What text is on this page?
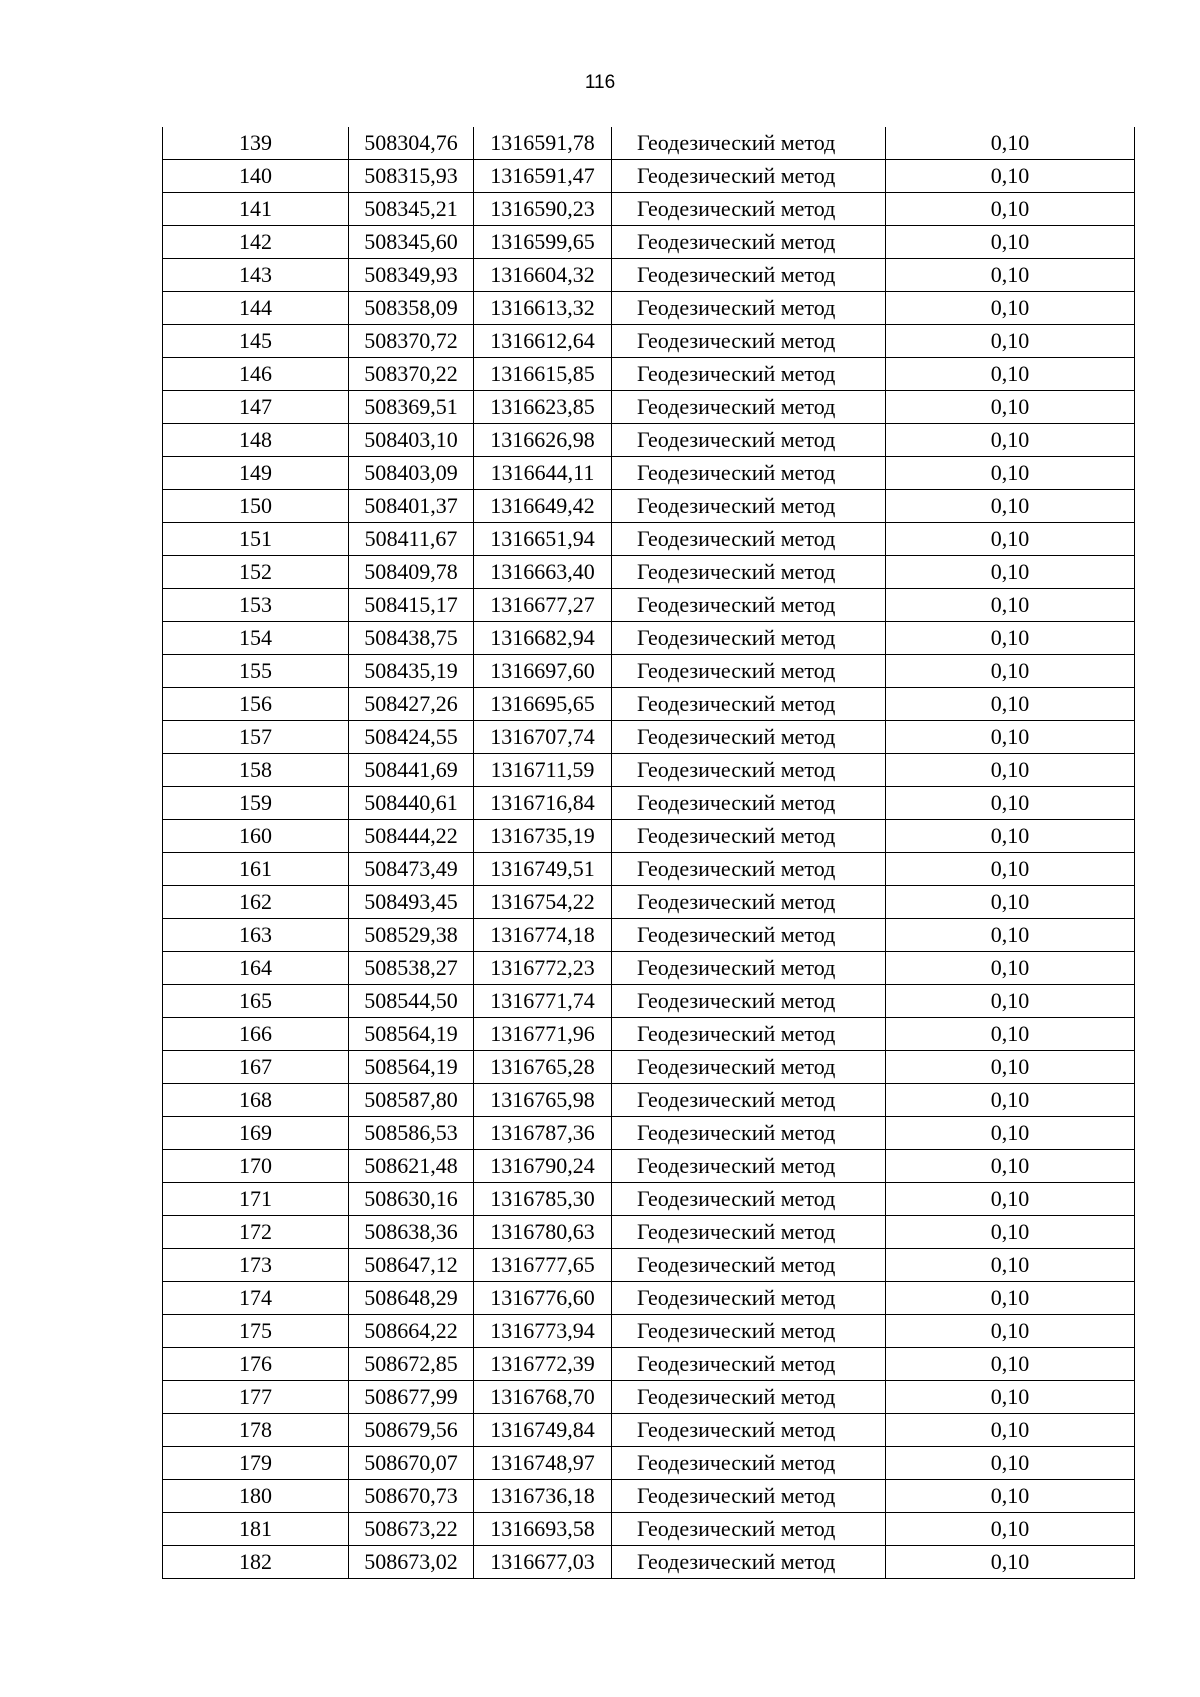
116
139	508304,76	1316591,78	Геодезический метод	0,10
140	508315,93	1316591,47	Геодезический метод	0,10
141	508345,21	1316590,23	Геодезический метод	0,10
142	508345,60	1316599,65	Геодезический метод	0,10
143	508349,93	1316604,32	Геодезический метод	0,10
144	508358,09	1316613,32	Геодезический метод	0,10
145	508370,72	1316612,64	Геодезический метод	0,10
146	508370,22	1316615,85	Геодезический метод	0,10
147	508369,51	1316623,85	Геодезический метод	0,10
148	508403,10	1316626,98	Геодезический метод	0,10
149	508403,09	1316644,11	Геодезический метод	0,10
150	508401,37	1316649,42	Геодезический метод	0,10
151	508411,67	1316651,94	Геодезический метод	0,10
152	508409,78	1316663,40	Геодезический метод	0,10
153	508415,17	1316677,27	Геодезический метод	0,10
154	508438,75	1316682,94	Геодезический метод	0,10
155	508435,19	1316697,60	Геодезический метод	0,10
156	508427,26	1316695,65	Геодезический метод	0,10
157	508424,55	1316707,74	Геодезический метод	0,10
158	508441,69	1316711,59	Геодезический метод	0,10
159	508440,61	1316716,84	Геодезический метод	0,10
160	508444,22	1316735,19	Геодезический метод	0,10
161	508473,49	1316749,51	Геодезический метод	0,10
162	508493,45	1316754,22	Геодезический метод	0,10
163	508529,38	1316774,18	Геодезический метод	0,10
164	508538,27	1316772,23	Геодезический метод	0,10
165	508544,50	1316771,74	Геодезический метод	0,10
166	508564,19	1316771,96	Геодезический метод	0,10
167	508564,19	1316765,28	Геодезический метод	0,10
168	508587,80	1316765,98	Геодезический метод	0,10
169	508586,53	1316787,36	Геодезический метод	0,10
170	508621,48	1316790,24	Геодезический метод	0,10
171	508630,16	1316785,30	Геодезический метод	0,10
172	508638,36	1316780,63	Геодезический метод	0,10
173	508647,12	1316777,65	Геодезический метод	0,10
174	508648,29	1316776,60	Геодезический метод	0,10
175	508664,22	1316773,94	Геодезический метод	0,10
176	508672,85	1316772,39	Геодезический метод	0,10
177	508677,99	1316768,70	Геодезический метод	0,10
178	508679,56	1316749,84	Геодезический метод	0,10
179	508670,07	1316748,97	Геодезический метод	0,10
180	508670,73	1316736,18	Геодезический метод	0,10
181	508673,22	1316693,58	Геодезический метод	0,10
182	508673,02	1316677,03	Геодезический метод	0,10
